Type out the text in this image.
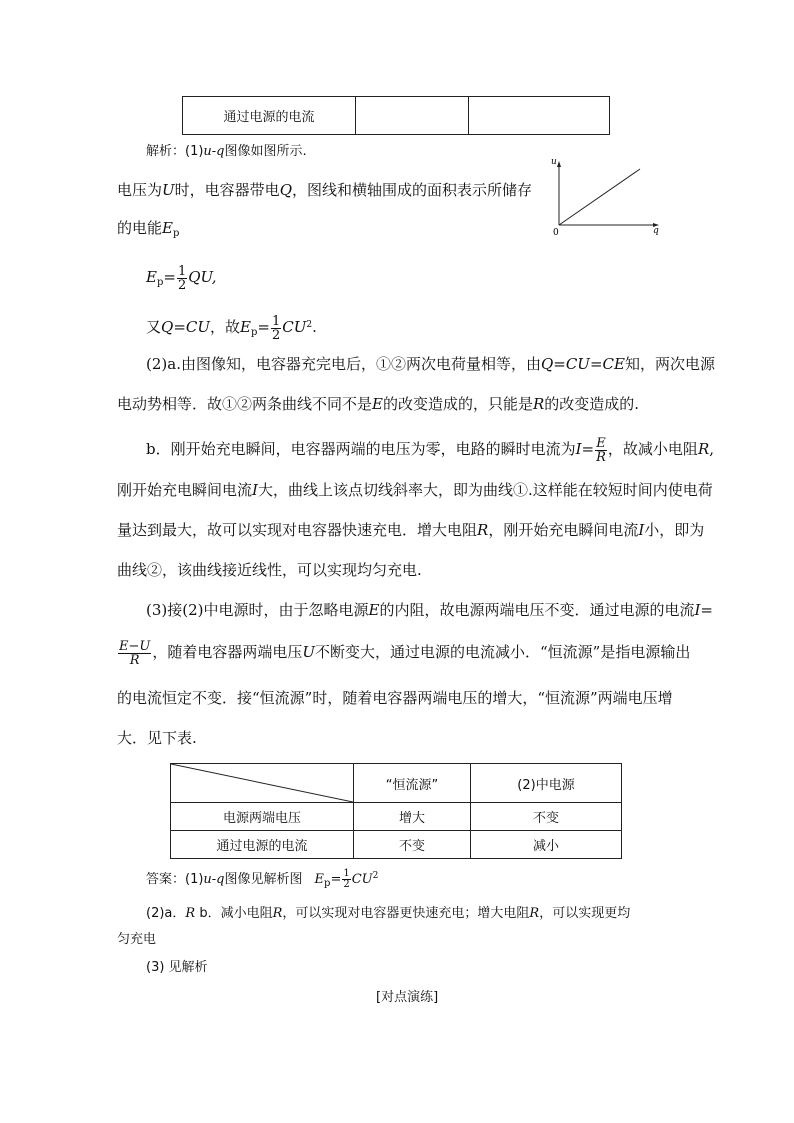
通过电源的电流		
解析：(1)u-q图像如图所示.
u
q
0
电压为U时，电容器带电Q，图线和横轴围成的面积表示所储存
的电能$E_p$
$E_p= \frac{1}{2}$ QU,
又Q=CU，故$E_p= \frac{1}{2} CU^2$.
(2)a.由图像知，电容器充完电后，①②两次电荷量相等，由Q=CU=CE知，两次电源
电动势相等．故①②两条曲线不同不是E的改变造成的，只能是R的改变造成的.
b．刚开始充电瞬间，电容器两端的电压为零，电路的瞬时电流为$I= \frac{E}{R}$ ，故减小电阻R,
刚开始充电瞬间电流I大，曲线上该点切线斜率大，即为曲线①.这样能在较短时间内使电荷
量达到最大，故可以实现对电容器快速充电．增大电阻R，刚开始充电瞬间电流I小，即为
曲线②，该曲线接近线性，可以实现均匀充电.
(3)接(2)中电源时，由于忽略电源E的内阻，故电源两端电压不变．通过电源的电流I=
$\frac{E-U}{R}$ ，随着电容器两端电压U不断变大，通过电源的电流减小．“恒流源”是指电源输出
的电流恒定不变．接“恒流源”时，随着电容器两端电压的增大，“恒流源”两端电压增
大．见下表.
	“恒流源”	(2)中电源
电源两端电压	增大	不变
通过电源的电流	不变	减小
答案：(1)u-q图像见解析图 $E_p= \frac{1}{2} CU^2$
(2)a．R b．减小电阻R，可以实现对电容器更快速充电；增大电阻R，可以实现更均
匀充电
(3) 见解析
[对点演练]
